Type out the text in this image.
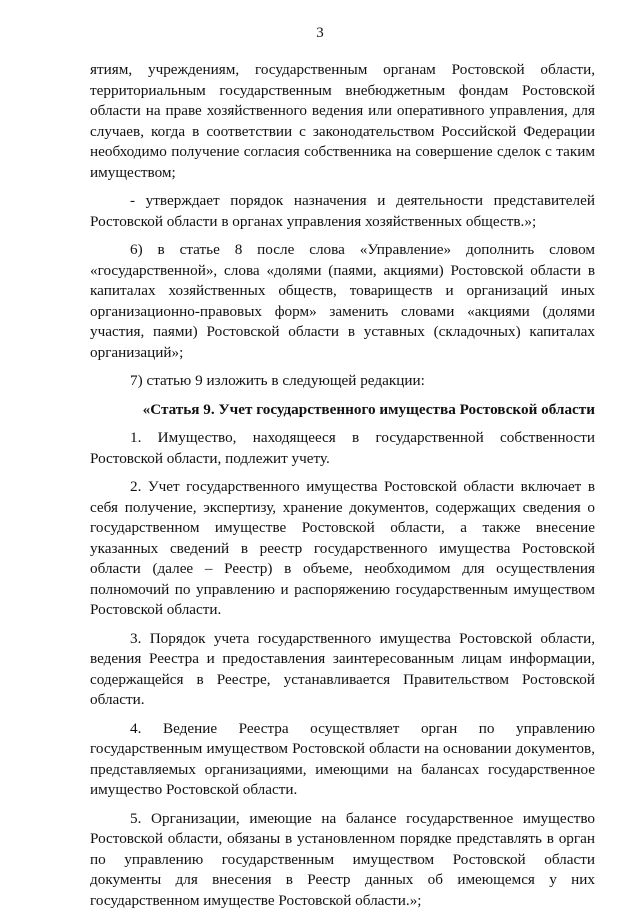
3

ятиям, учреждениям, государственным органам Ростовской области, территориальным государственным внебюджетным фондам Ростовской области на праве хозяйственного ведения или оперативного управления, для случаев, когда в соответствии с законодательством Российской Федерации необходимо получение согласия собственника на совершение сделок с таким имуществом;

- утверждает порядок назначения и деятельности представителей Ростовской области в органах управления хозяйственных обществ.»;

6) в статье 8 после слова «Управление» дополнить словом «государственной», слова «долями (паями, акциями) Ростовской области в капиталах хозяйственных обществ, товариществ и организаций иных организационно-правовых форм» заменить словами «акциями (долями участия, паями) Ростовской области в уставных (складочных) капиталах организаций»;

7) статью 9 изложить в следующей редакции:

«Статья 9. Учет государственного имущества Ростовской области

1. Имущество, находящееся в государственной собственности Ростовской области, подлежит учету.

2. Учет государственного имущества Ростовской области включает в себя получение, экспертизу, хранение документов, содержащих сведения о государственном имуществе Ростовской области, а также внесение указанных сведений в реестр государственного имущества Ростовской области (далее – Реестр) в объеме, необходимом для осуществления полномочий по управлению и распоряжению государственным имуществом Ростовской области.

3. Порядок учета государственного имущества Ростовской области, ведения Реестра и предоставления заинтересованным лицам информации, содержащейся в Реестре, устанавливается Правительством Ростовской области.

4. Ведение Реестра осуществляет орган по управлению государственным имуществом Ростовской области на основании документов, представляемых организациями, имеющими на балансах государственное имущество Ростовской области.

5. Организации, имеющие на балансе государственное имущество Ростовской области, обязаны в установленном порядке представлять в орган по управлению государственным имуществом Ростовской области документы для внесения в Реестр данных об имеющемся у них государственном имуществе Ростовской области.»;
